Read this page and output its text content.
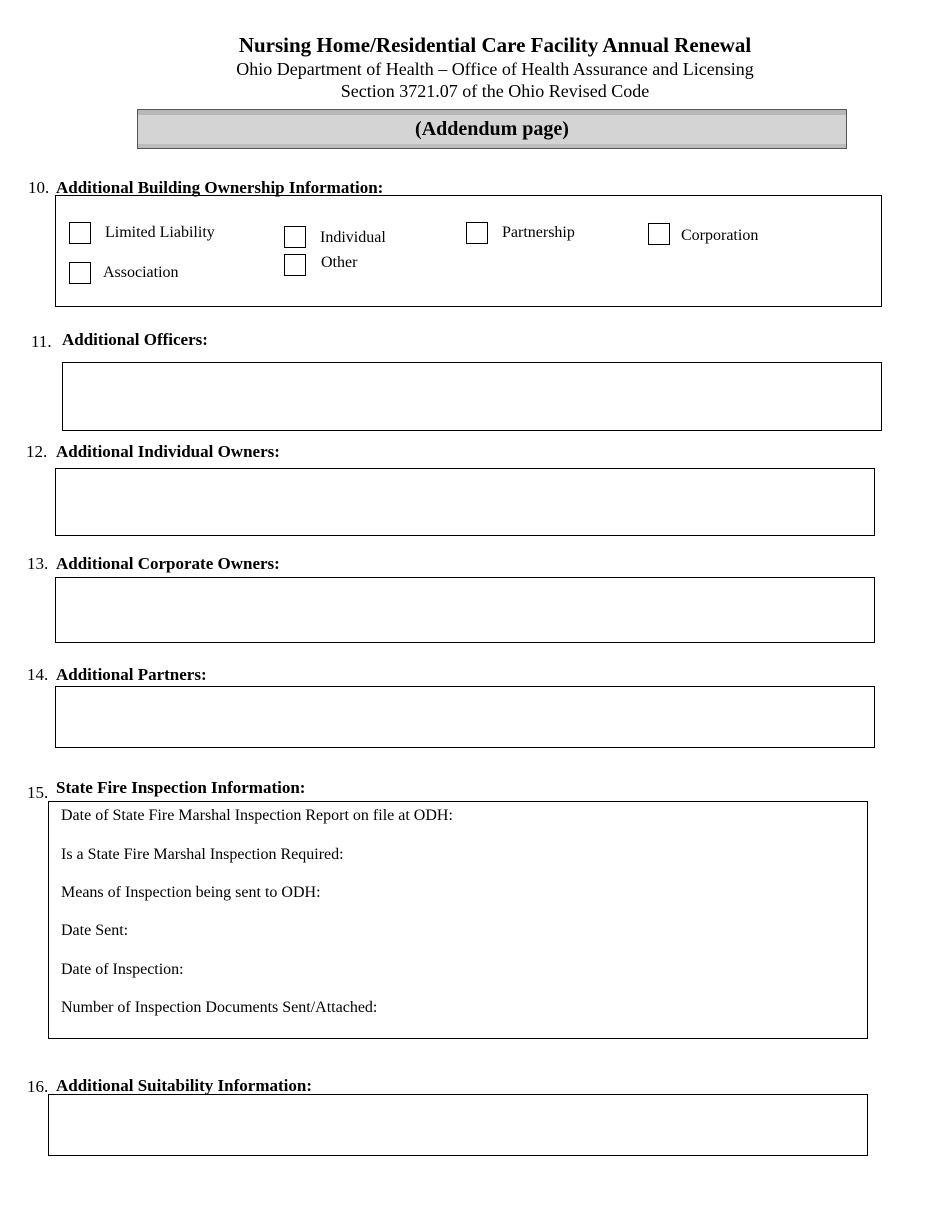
Nursing Home/Residential Care Facility Annual Renewal
Ohio Department of Health – Office of Health Assurance and Licensing
Section 3721.07 of the Ohio Revised Code
(Addendum page)
10. Additional Building Ownership Information:
Limited Liability	Individual	Partnership	Corporation
Association
Other
11. Additional Officers:
12. Additional Individual Owners:
13. Additional Corporate Owners:
14. Additional Partners:
15. State Fire Inspection Information:
Date of State Fire Marshal Inspection Report on file at ODH:
Is a State Fire Marshal Inspection Required:
Means of Inspection being sent to ODH:
Date Sent:
Date of Inspection:
Number of Inspection Documents Sent/Attached:
16. Additional Suitability Information:
